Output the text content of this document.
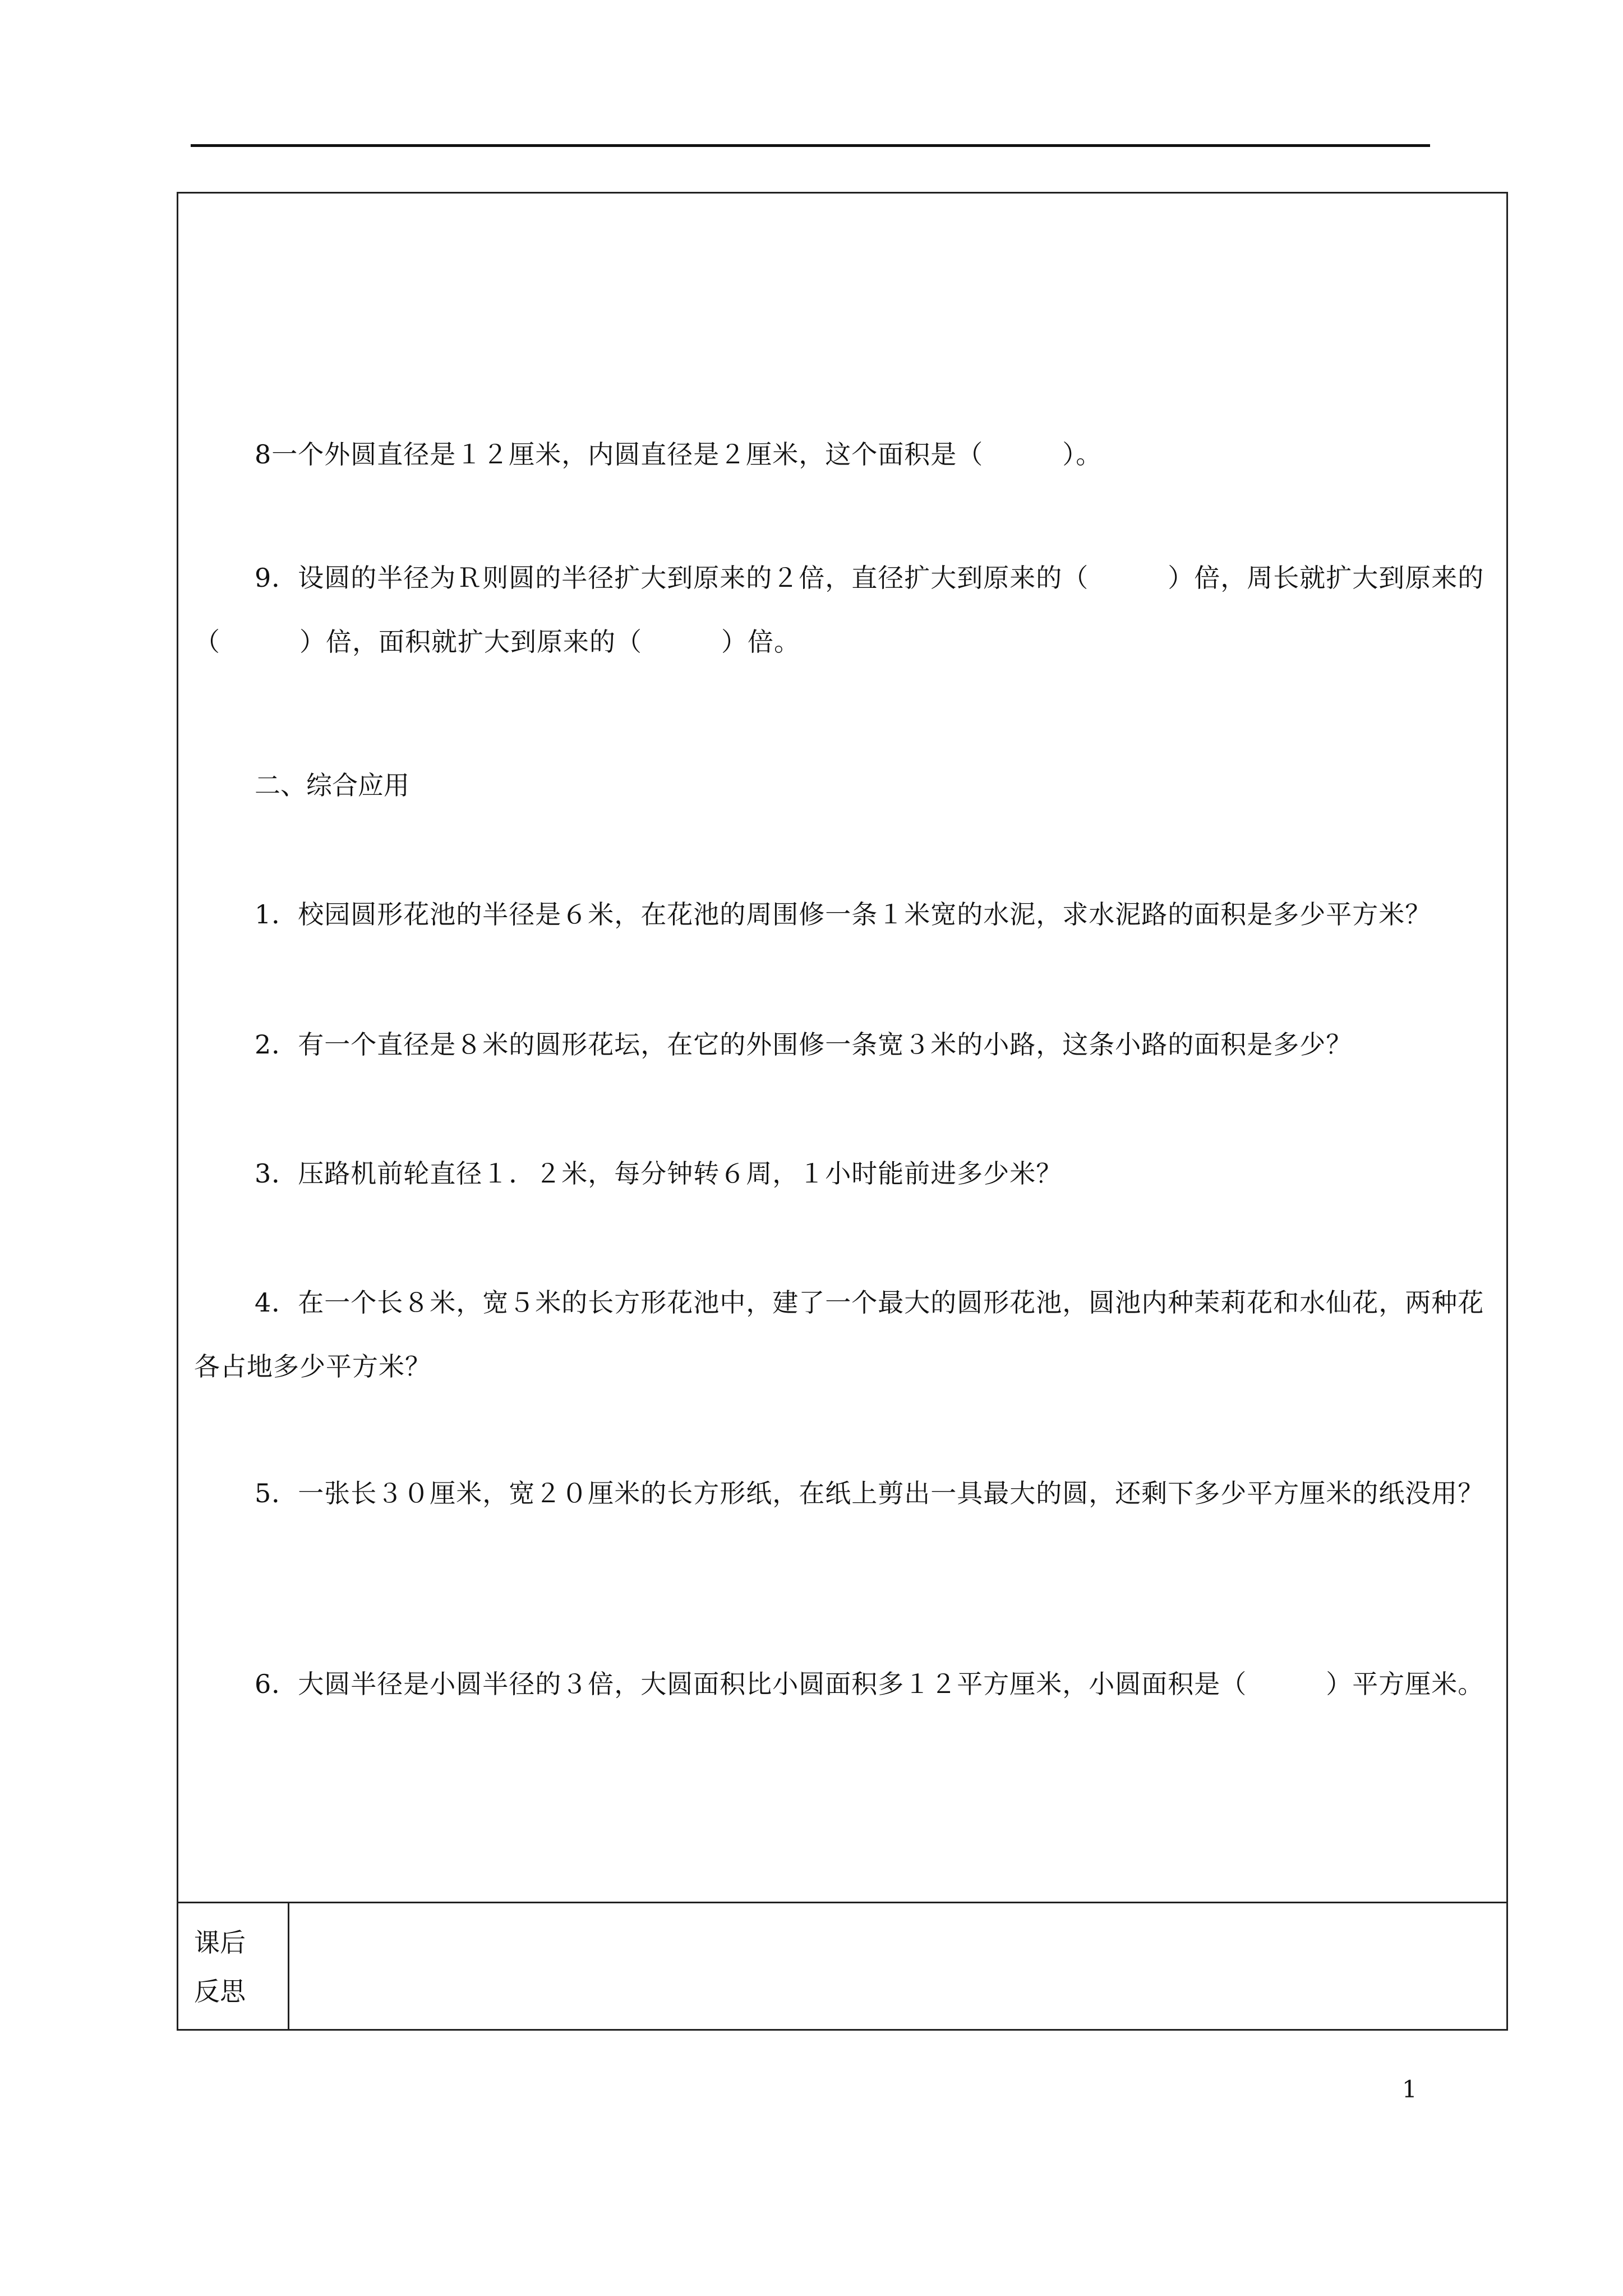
8一个外圆直径是１２厘米，内圆直径是２厘米，这个面积是（　　　）。

9．设圆的半径为Ｒ则圆的半径扩大到原来的２倍，直径扩大到原来的（　　　）倍，周长就扩大到原来的（　　　）倍，面积就扩大到原来的（　　　）倍。

二、综合应用

1．校园圆形花池的半径是６米，在花池的周围修一条１米宽的水泥，求水泥路的面积是多少平方米？

2．有一个直径是８米的圆形花坛，在它的外围修一条宽３米的小路，这条小路的面积是多少？

3．压路机前轮直径１．２米，每分钟转６周，１小时能前进多少米？

4．在一个长８米，宽５米的长方形花池中，建了一个最大的圆形花池，圆池内种茉莉花和水仙花，两种花各占地多少平方米？

5．一张长３０厘米，宽２０厘米的长方形纸，在纸上剪出一具最大的圆，还剩下多少平方厘米的纸没用？

6．大圆半径是小圆半径的３倍，大圆面积比小圆面积多１２平方厘米，小圆面积是（　　　）平方厘米。

课后

反思

1
